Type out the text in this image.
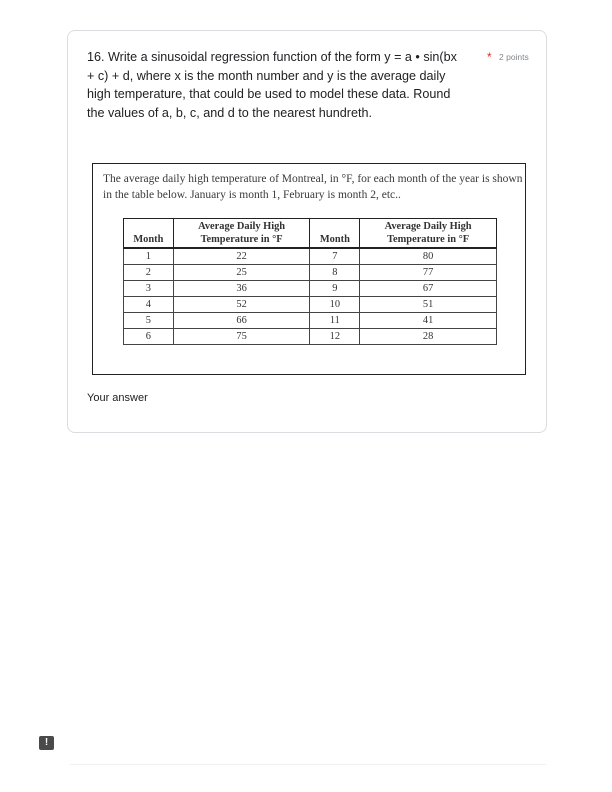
16. Write a sinusoidal regression function of the form y = a • sin(bx + c) + d, where x is the month number and y is the average daily high temperature, that could be used to model these data. Round the values of a, b, c, and d to the nearest hundreth.
* 2 points
The average daily high temperature of Montreal, in °F, for each month of the year is shown in the table below. January is month 1, February is month 2, etc..
Month	Average Daily High Temperature in °F	Month	Average Daily High Temperature in °F
1	22	7	80
2	25	8	77
3	36	9	67
4	52	10	51
5	66	11	41
6	75	12	28
Your answer
!
